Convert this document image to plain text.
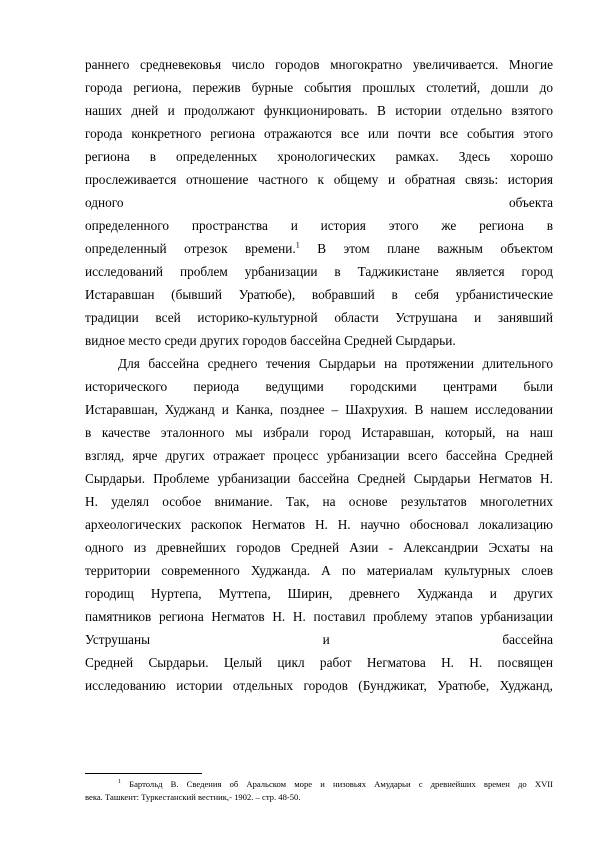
раннего средневековья число городов многократно увеличивается. Многие
города региона, пережив бурные события прошлых столетий, дошли до
наших дней и продолжают функционировать. В истории отдельно взятого
города конкретного региона отражаются все или почти все события этого
региона в определенных хронологических рамках. Здесь хорошо
прослеживается отношение частного к общему и обратная связь: история
одного объекта
определенного пространства и история этого же региона в
определенный отрезок времени.$^1$ В этом плане важным объектом
исследований проблем урбанизации в Таджикистане является город
Истаравшан (бывший Уратюбе), вобравший в себя урбанистические
традиции всей историко-культурной области Уструшана и занявший
видное место среди других городов бассейна Средней Сырдарьи.
Для бассейна среднего течения Сырдарьи на протяжении длительного
исторического периода ведущими городскими центрами были
Истаравшан, Худжанд и Канка, позднее – Шахрухия. В нашем исследовании
в качестве эталонного мы избрали город Истаравшан, который, на наш
взгляд, ярче других отражает процесс урбанизации всего бассейна Средней
Сырдарьи. Проблеме урбанизации бассейна Средней Сырдарьи Негматов Н.
Н. уделял особое внимание. Так, на основе результатов многолетних
археологических раскопок Негматов Н. Н. научно обосновал локализацию
одного из древнейших городов Средней Азии - Александрии Эсхаты на
территории современного Худжанда. А по материалам культурных слоев
городищ Нуртепа, Муттепа, Ширин, древнего Худжанда и других
памятников региона Негматов Н. Н. поставил проблему этапов урбанизации
Уструшаны и бассейна
Средней Сырдарьи. Целый цикл работ Негматова Н. Н. посвящен
исследованию истории отдельных городов (Бунджикат, Уратюбе, Худжанд,
$^1$ Бартольд В. Сведения об Аральском море и низовьях Амударьи с древнейших времен до XVII
века. Ташкент: Туркестанский вестник,- 1902. – стр. 48-50.
